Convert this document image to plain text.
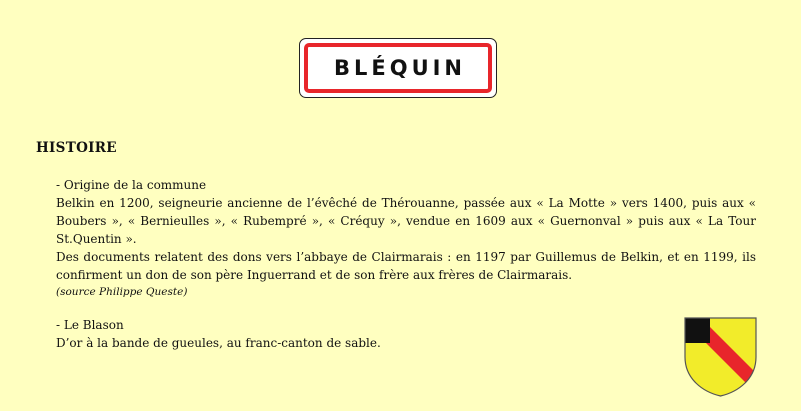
BLÉQUIN
HISTOIRE

- Origine de la commune

Belkin en 1200, seigneurie ancienne de l’évêché de Thérouanne, passée aux « La Motte » vers 1400, puis aux « Boubers », « Bernieulles », « Rubempré », « Créquy », vendue en 1609 aux « Guernonval » puis aux « La Tour St.Quentin ».

Des documents relatent des dons vers l’abbaye de Clairmarais : en 1197 par Guillemus de Belkin, et en 1199, ils confirment un don de son père Inguerrand et de son frère aux frères de Clairmarais.

(source Philippe Queste)

- Le Blason

D’or à la bande de gueules, au franc-canton de sable.
